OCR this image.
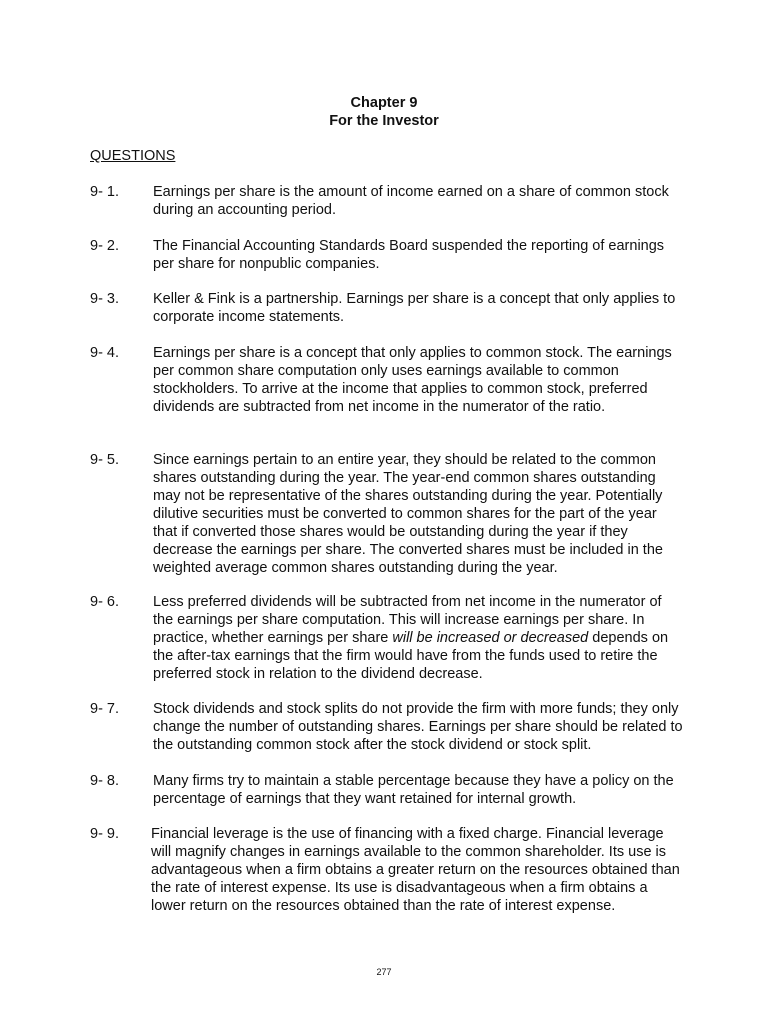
Chapter 9
For the Investor
QUESTIONS
9- 1.	Earnings per share is the amount of income earned on a share of common stock during an accounting period.
9- 2.	The Financial Accounting Standards Board suspended the reporting of earnings per share for nonpublic companies.
9- 3.	Keller & Fink is a partnership. Earnings per share is a concept that only applies to corporate income statements.
9- 4.	Earnings per share is a concept that only applies to common stock. The earnings per common share computation only uses earnings available to common stockholders. To arrive at the income that applies to common stock, preferred dividends are subtracted from net income in the numerator of the ratio.
9- 5.	Since earnings pertain to an entire year, they should be related to the common shares outstanding during the year. The year-end common shares outstanding may not be representative of the shares outstanding during the year. Potentially dilutive securities must be converted to common shares for the part of the year that if converted those shares would be outstanding during the year if they decrease the earnings per share. The converted shares must be included in the weighted average common shares outstanding during the year.
9- 6.	Less preferred dividends will be subtracted from net income in the numerator of the earnings per share computation. This will increase earnings per share. In practice, whether earnings per share will be increased or decreased depends on the after-tax earnings that the firm would have from the funds used to retire the preferred stock in relation to the dividend decrease.
9- 7.	Stock dividends and stock splits do not provide the firm with more funds; they only change the number of outstanding shares. Earnings per share should be related to the outstanding common stock after the stock dividend or stock split.
9- 8.	Many firms try to maintain a stable percentage because they have a policy on the percentage of earnings that they want retained for internal growth.
9- 9.	Financial leverage is the use of financing with a fixed charge. Financial leverage will magnify changes in earnings available to the common shareholder. Its use is advantageous when a firm obtains a greater return on the resources obtained than the rate of interest expense. Its use is disadvantageous when a firm obtains a lower return on the resources obtained than the rate of interest expense.
277
